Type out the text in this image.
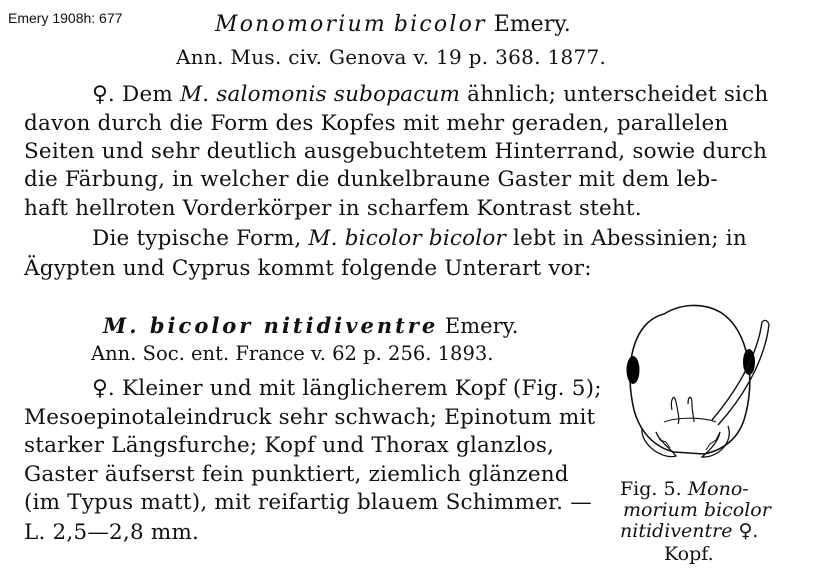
Emery 1908h: 677	Monomorium bicolor Emery.
Ann. Mus. civ. Genova v. 19 p. 368. 1877.
♀. Dem M. salomonis subopacum ähnlich; unterscheidet sich
davon durch die Form des Kopfes mit mehr geraden, parallelen
Seiten und sehr deutlich ausgebuchtetem Hinterrand, sowie durch
die Färbung, in welcher die dunkelbraune Gaster mit dem leb-
haft hellroten Vorderkörper in scharfem Kontrast steht.
Die typische Form, M. bicolor bicolor lebt in Abessinien; in
Ägypten und Cyprus kommt folgende Unterart vor:
M. bicolor nitidiventre Emery.
Ann. Soc. ent. France v. 62 p. 256. 1893.
♀. Kleiner und mit länglicherem Kopf (Fig. 5);
Mesoepinotaleindruck sehr schwach; Epinotum mit
starker Längsfurche; Kopf und Thorax glanzlos,
Gaster äufserst fein punktiert, ziemlich glänzend
(im Typus matt), mit reifartig blauem Schimmer. —
L. 2,5—2,8 mm.
Fig. 5. Mono-
morium bicolor
nitidiventre ♀.
Kopf.
